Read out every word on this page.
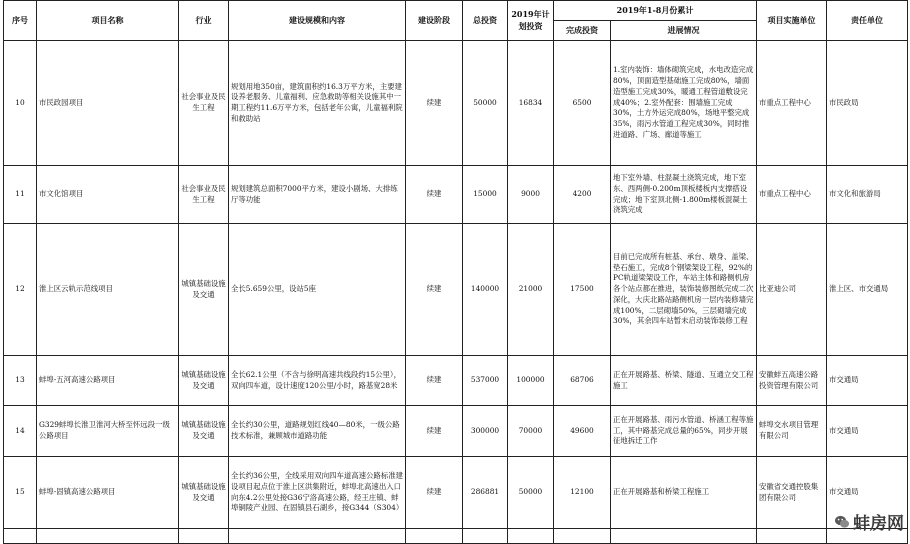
序号	项目名称	行业	建设规模和内容	建设阶段	总投资	2019年计划投资	2019年1-8月份累计		项目实施单位	责任单位
							完成投资	进展情况		
10	市民政园项目	社会事业及民生工程	规划用地350亩，建筑面积约16.3万平方米，主要建设养老服务、儿童福利、应急救助等相关设施其中一期工程约11.6万平方米，包括老年公寓，儿童福利院和救助站	续建	50000	16834	6500	1.室内装饰：墙体砌筑完成，水电改造完成80%，顶面造型基础施工完成80%，墙面造型施工完成30%，暖通工程管道敷设完成40%；2.室外配套：围墙施工完成30%，土方外运完成80%，场地平整完成35%，雨污水管道工程完成30%，同时推进道路、广场、廊道等施工	市重点工程中心	市民政局
11	市文化馆项目	社会事业及民生工程	规划建筑总面积7000平方米，建设小剧场、大排练厅等功能	续建	15000	9000	4200	地下室外墙、柱混凝土浇筑完成，地下室东、西两侧-0.200m顶板楼板内支撑搭设完成；地下室顶北侧-1.800m楼板混凝土浇筑完成	市重点工程中心	市文化和旅游局
12	淮上区云轨示范线项目	城镇基础设施及交通	全长5.659公里，设站5座	续建	140000	21000	17500	目前已完成所有桩基、承台、墩身、盖梁、垫石施工，完成8个钢梁架设工程，92%的PC轨道梁架设工作，车站主体和路侧机房各个站点都在推进，装饰装修图纸完成二次深化，大庆北路站路侧机房一层内装修墙完成100%，二层砌墙50%，三层砌墙完成30%，其余四车站暂未启动装饰装修工程	比亚迪公司	淮上区、市交通局
13	蚌埠-五河高速公路项目	城镇基础设施及交通	全长62.1公里（不含与徐明高速共线段约15公里），双向四车道，设计速度120公里/小时，路基宽28米	续建	537000	100000	68706	正在开展路基、桥梁、隧道、互通立交工程施工	安徽蚌五高速公路投资管理有限公司	市交通局
14	G329蚌埠长淮卫淮河大桥至怀远段一级公路项目	城镇基础设施及交通	全长约30公里，道路规划红线40—80米，一级公路技术标准，兼顾城市道路功能	续建	300000	70000	49600	正在开展路基、雨污水管道、桥涵工程等施工，其中路基完成总量的65%，同步开展征地拆迁工作	蚌埠交水项目管理有限公司	市交通局
15	蚌埠-固镇高速公路项目	城镇基础设施及交通	全长约36公里，全线采用双向四车道高速公路标准建设项目起点位于淮上区洪集附近，蚌埠北高速出入口向东4.2公里处接G36宁洛高速公路，经王庄镇、蚌埠铜陵产业园、在固镇县石湖乡，接G344（S304）	续建	286881	50000	12100	正在开展路基和桥梁工程施工	安徽省交通控股集团有限公司	市交通局

蚌房网
